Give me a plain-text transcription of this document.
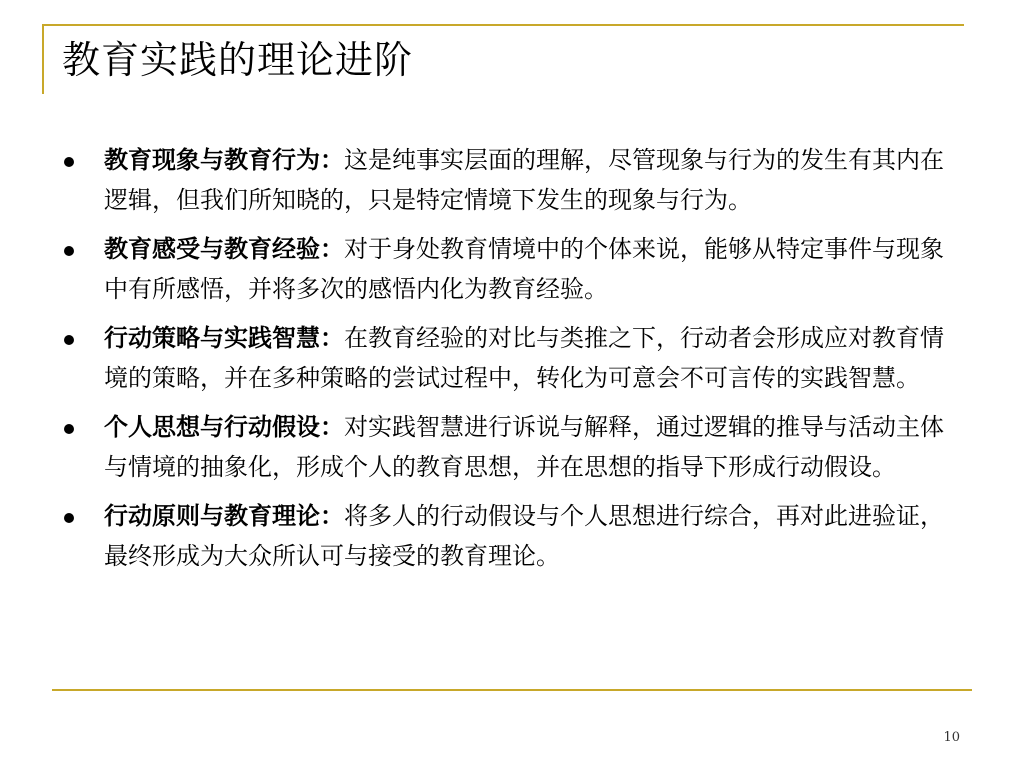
教育实践的理论进阶
教育现象与教育行为：这是纯事实层面的理解，尽管现象与行为的发生有其内在逻辑，但我们所知晓的，只是特定情境下发生的现象与行为。
教育感受与教育经验：对于身处教育情境中的个体来说，能够从特定事件与现象中有所感悟，并将多次的感悟内化为教育经验。
行动策略与实践智慧：在教育经验的对比与类推之下，行动者会形成应对教育情境的策略，并在多种策略的尝试过程中，转化为可意会不可言传的实践智慧。
个人思想与行动假设：对实践智慧进行诉说与解释，通过逻辑的推导与活动主体与情境的抽象化，形成个人的教育思想，并在思想的指导下形成行动假设。
行动原则与教育理论：将多人的行动假设与个人思想进行综合，再对此进验证，最终形成为大众所认可与接受的教育理论。
10
